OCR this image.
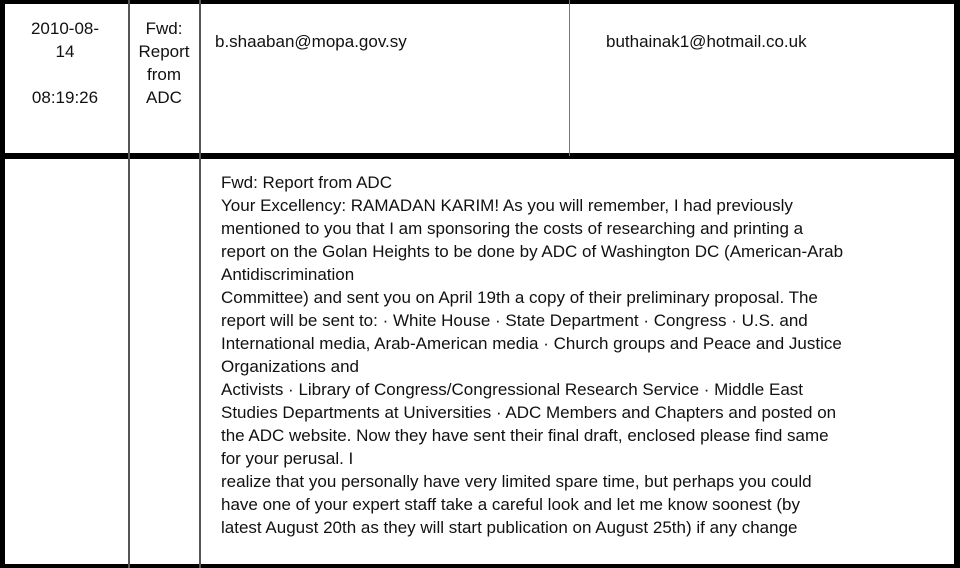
2010-08-
14
08:19:26
Fwd:
Report
from
ADC
b.shaaban@mopa.gov.sy	buthainak1@hotmail.co.uk

Fwd: Report from ADC

Your Excellency: RAMADAN KARIM! As you will remember, I had previously

mentioned to you that I am sponsoring the costs of researching and printing a

report on the Golan Heights to be done by ADC of Washington DC (American-Arab

Antidiscrimination

Committee) and sent you on April 19th a copy of their preliminary proposal. The

report will be sent to: · White House · State Department · Congress · U.S. and

International media, Arab-American media · Church groups and Peace and Justice

Organizations and

Activists · Library of Congress/Congressional Research Service · Middle East

Studies Departments at Universities · ADC Members and Chapters and posted on

the ADC website. Now they have sent their final draft, enclosed please find same

for your perusal. I

realize that you personally have very limited spare time, but perhaps you could

have one of your expert staff take a careful look and let me know soonest (by

latest August 20th as they will start publication on August 25th) if any change
